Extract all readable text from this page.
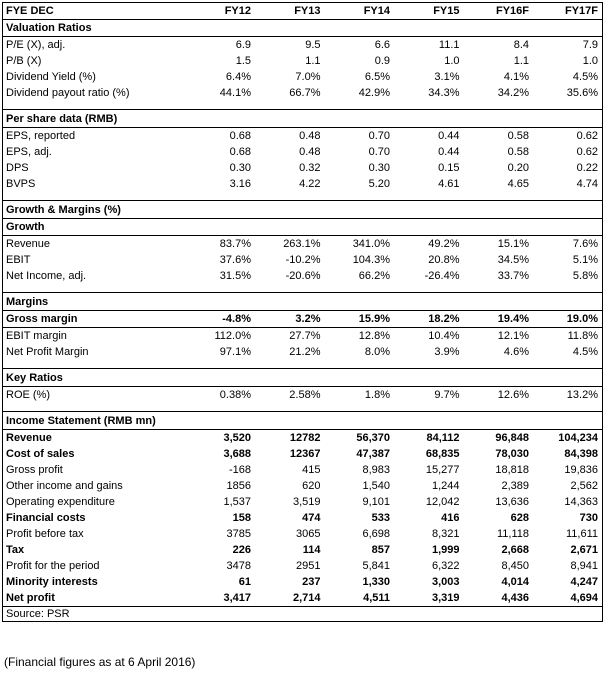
FYE DEC	FY12	FY13	FY14	FY15	FY16F	FY17F
Valuation Ratios						
P/E (X), adj.	6.9	9.5	6.6	11.1	8.4	7.9
P/B (X)	1.5	1.1	0.9	1.0	1.1	1.0
Dividend Yield (%)	6.4%	7.0%	6.5%	3.1%	4.1%	4.5%
Dividend payout ratio (%)	44.1%	66.7%	42.9%	34.3%	34.2%	35.6%

Per share data (RMB)						
EPS, reported	0.68	0.48	0.70	0.44	0.58	0.62
EPS, adj.	0.68	0.48	0.70	0.44	0.58	0.62
DPS	0.30	0.32	0.30	0.15	0.20	0.22
BVPS	3.16	4.22	5.20	4.61	4.65	4.74

Growth & Margins (%)						
Growth						
Revenue	83.7%	263.1%	341.0%	49.2%	15.1%	7.6%
EBIT	37.6%	-10.2%	104.3%	20.8%	34.5%	5.1%
Net Income, adj.	31.5%	-20.6%	66.2%	-26.4%	33.7%	5.8%

Margins						
Gross margin	-4.8%	3.2%	15.9%	18.2%	19.4%	19.0%
EBIT margin	112.0%	27.7%	12.8%	10.4%	12.1%	11.8%
Net Profit Margin	97.1%	21.2%	8.0%	3.9%	4.6%	4.5%

Key Ratios						
ROE (%)	0.38%	2.58%	1.8%	9.7%	12.6%	13.2%

Income Statement (RMB mn)						
Revenue	3,520	12782	56,370	84,112	96,848	104,234
Cost of sales	3,688	12367	47,387	68,835	78,030	84,398
Gross profit	-168	415	8,983	15,277	18,818	19,836
Other income and gains	1856	620	1,540	1,244	2,389	2,562
Operating expenditure	1,537	3,519	9,101	12,042	13,636	14,363
Financial costs	158	474	533	416	628	730
Profit before tax	3785	3065	6,698	8,321	11,118	11,611
Tax	226	114	857	1,999	2,668	2,671
Profit for the period	3478	2951	5,841	6,322	8,450	8,941
Minority interests	61	237	1,330	3,003	4,014	4,247
Net profit	3,417	2,714	4,511	3,319	4,436	4,694
Source: PSR						
(Financial figures as at 6 April 2016)
